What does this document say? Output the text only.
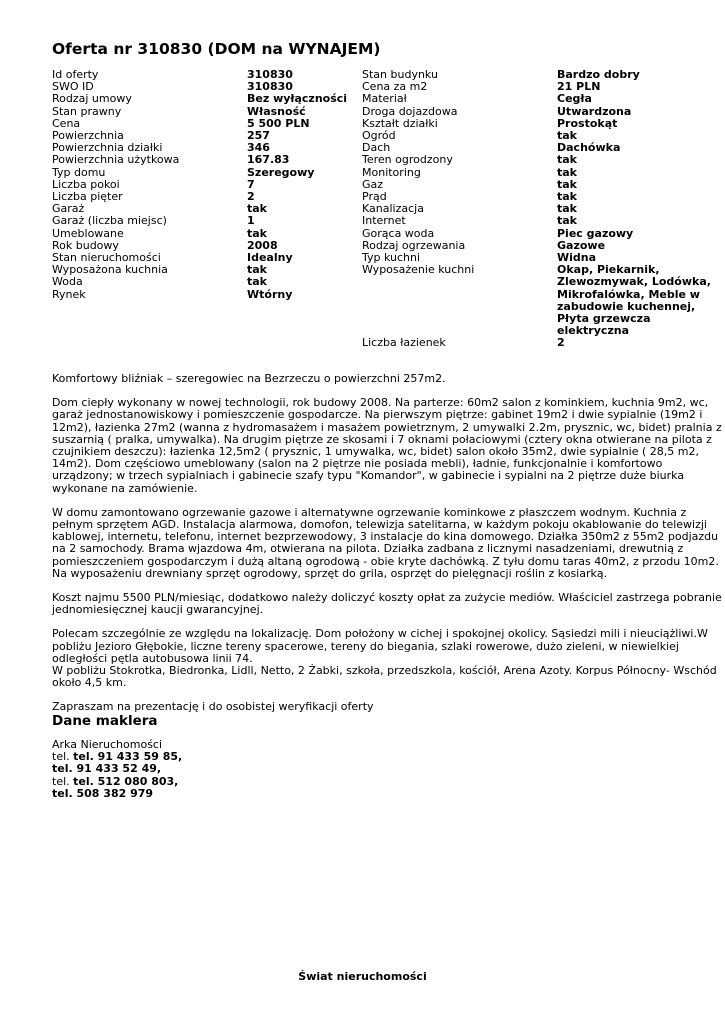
Oferta nr 310830 (DOM na WYNAJEM)
Id oferty	310830
SWO ID	310830
Rodzaj umowy	Bez wyłączności
Stan prawny	Własność
Cena	5 500 PLN
Powierzchnia	257
Powierzchnia działki	346
Powierzchnia użytkowa	167.83
Typ domu	Szeregowy
Liczba pokoi	7
Liczba pięter	2
Garaż	tak
Garaż (liczba miejsc)	1
Umeblowane	tak
Rok budowy	2008
Stan nieruchomości	Idealny
Wyposażona kuchnia	tak
Woda	tak
Rynek	Wtórny
Stan budynku	Bardzo dobry
Cena za m2	21 PLN
Materiał	Cegła
Droga dojazdowa	Utwardzona
Kształt działki	Prostokąt
Ogród	tak
Dach	Dachówka
Teren ogrodzony	tak
Monitoring	tak
Gaz	tak
Prąd	tak
Kanalizacja	tak
Internet	tak
Gorąca woda	Piec gazowy
Rodzaj ogrzewania	Gazowe
Typ kuchni	Widna
Wyposażenie kuchni	Okap, Piekarnik, Zlewozmywak, Lodówka, Mikrofalówka, Meble w zabudowie kuchennej, Płyta grzewcza elektryczna
Liczba łazienek	2

Komfortowy bliźniak – szeregowiec na Bezrzeczu o powierzchni 257m2.

Dom ciepły wykonany w nowej technologii, rok budowy 2008. Na parterze: 60m2 salon z kominkiem, kuchnia 9m2, wc, garaż jednostanowiskowy i pomieszczenie gospodarcze. Na pierwszym piętrze: gabinet 19m2 i dwie sypialnie (19m2 i 12m2), łazienka 27m2 (wanna z hydromasażem i masażem powietrznym, 2 umywalki 2.2m, prysznic, wc, bidet) pralnia z suszarnią ( pralka, umywalka). Na drugim piętrze ze skosami i 7 oknami połaciowymi (cztery okna otwierane na pilota z czujnikiem deszczu): łazienka 12,5m2 ( prysznic, 1 umywalka, wc, bidet) salon około 35m2, dwie sypialnie ( 28,5 m2, 14m2). Dom częściowo umeblowany (salon na 2 piętrze nie posiada mebli), ładnie, funkcjonalnie i komfortowo urządzony; w trzech sypialniach i gabinecie szafy typu "Komandor", w gabinecie i sypialni na 2 piętrze duże biurka wykonane na zamówienie.

W domu zamontowano ogrzewanie gazowe i alternatywne ogrzewanie kominkowe z płaszczem wodnym. Kuchnia z pełnym sprzętem AGD. Instalacja alarmowa, domofon, telewizja satelitarna, w każdym pokoju okablowanie do telewizji kablowej, internetu, telefonu, internet bezprzewodowy, 3 instalacje do kina domowego. Działka 350m2 z 55m2 podjazdu na 2 samochody. Brama wjazdowa 4m, otwierana na pilota. Działka zadbana z licznymi nasadzeniami, drewutnią z pomieszczeniem gospodarczym i dużą altaną ogrodową - obie kryte dachówką. Z tyłu domu taras 40m2, z przodu 10m2. Na wyposażeniu drewniany sprzęt ogrodowy, sprzęt do grila, osprzęt do pielęgnacji roślin z kosiarką.

Koszt najmu 5500 PLN/miesiąc, dodatkowo należy doliczyć koszty opłat za zużycie mediów. Właściciel zastrzega pobranie jednomiesięcznej kaucji gwarancyjnej.

Polecam szczególnie ze względu na lokalizację. Dom położony w cichej i spokojnej okolicy. Sąsiedzi mili i nieuciążliwi.W pobliżu Jezioro Głębokie, liczne tereny spacerowe, tereny do biegania, szlaki rowerowe, dużo zieleni, w niewielkiej odległości pętla autobusowa linii 74.
W pobliżu Stokrotka, Biedronka, Lidll, Netto, 2 Żabki, szkoła, przedszkola, kościół, Arena Azoty. Korpus Północny- Wschód około 4,5 km.

Zapraszam na prezentację i do osobistej weryfikacji oferty

Dane maklera
Arka Nieruchomości
tel. tel. 91 433 59 85,
tel. 91 433 52 49,
tel. tel. 512 080 803,
tel. 508 382 979
Świat nieruchomości
